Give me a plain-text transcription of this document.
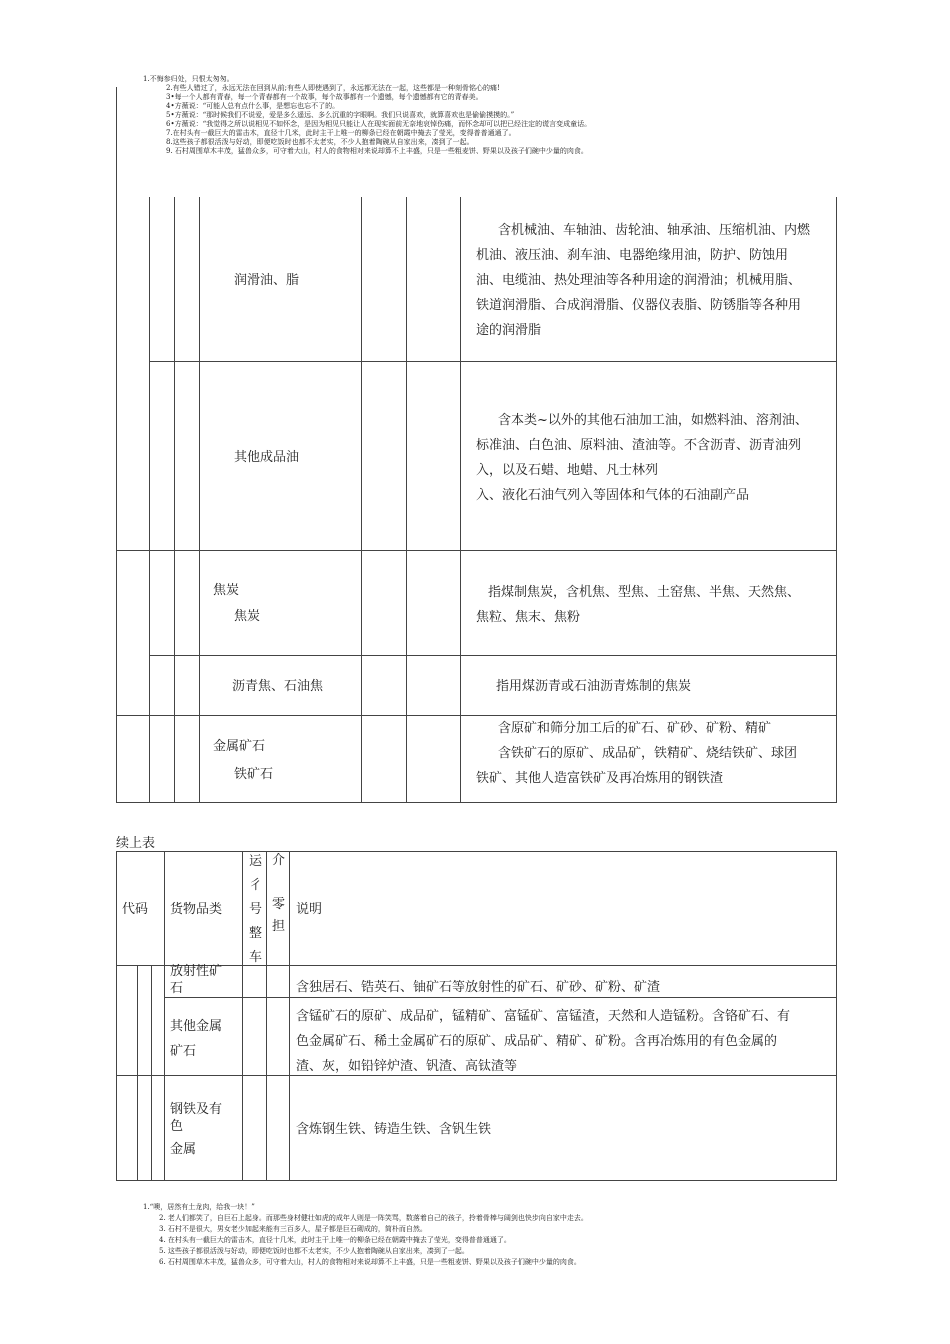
1.不悔参归处，只恨太匆匆。
2.有些人错过了，永远无法在回到从前;有些人即使遇到了，永远都无法在一起，这些都是一种刻骨铭心的痛!
3•每一个人都有青春，每一个青春都有一个故事，每个故事都有一个遗憾，每个遗憾都有它的青春美。
4•方薇说：“可能人总有点什么事，是想忘也忘不了的。
5•方薇说：“那时候我们不说爱，爱是多么遥远、多么沉重的字眼啊。我们只说喜欢，就算喜欢也是偷偷摸摸的。”
6•方薇说：“我觉得之所以说相见不如怀念，是因为相见只能让人在现实面前无奈地哀悼伤痛，而怀念却可以把已经注定的谎言变成童话。
7.在村头有一截巨大的雷击木，直径十几米，此时主干上唯一的柳条已经在朝霞中掩去了莹光，变得普普通通了。
8.这些孩子都很活泼与好动，即便吃饭时也都不太老实，不少人抱着陶碗从自家出来，凑到了一起。
9. 石村周围草木丰茂，猛兽众多，可守着大山，村人的食物相对来说却算不上丰盛，只是一些粗麦饼、野果以及孩子们碗中少量的肉食。
润滑油、脂
含机械油、车轴油、齿轮油、轴承油、压缩机油、内燃
机油、液压油、刹车油、电器绝缘用油，防护、防蚀用
油、电缆油、热处理油等各种用途的润滑油；机械用脂、
铁道润滑脂、合成润滑脂、仪器仪表脂、防锈脂等各种用
途的润滑脂
其他成品油
含本类~以外的其他石油加工油，如燃料油、溶剂油、
标准油、白色油、原料油、渣油等。不含沥青、沥青油列
入，以及石蜡、地蜡、凡士林列
入、液化石油气列入等固体和气体的石油副产品
焦炭
焦炭
指煤制焦炭，含机焦、型焦、土窑焦、半焦、天然焦、
焦粒、焦末、焦粉
沥青焦、石油焦	指用煤沥青或石油沥青炼制的焦炭
金属矿石
铁矿石
含原矿和筛分加工后的矿石、矿砂、矿粉、精矿
含铁矿石的原矿、成品矿，铁精矿、烧结铁矿、球团
铁矿、其他人造富铁矿及再冶炼用的钢铁渣
续上表
代码 货物品类
运
彳
号
整
车
介
零
担
说明
放射性矿
石	含独居石、锆英石、铀矿石等放射性的矿石、矿砂、矿粉、矿渣
其他金属
矿石
含锰矿石的原矿、成品矿，锰精矿、富锰矿、富锰渣，天然和人造锰粉。含铬矿石、有
色金属矿石、稀土金属矿石的原矿、成品矿、精矿、矿粉。含再冶炼用的有色金属的
渣、灰，如铅锌炉渣、钒渣、高钛渣等
钢铁及有
色
金属
含炼钢生铁、铸造生铁、含钒生铁
1.“噢，居然有土龙肉，给我一块！”
2. 老人们都笑了，自巨石上起身。而那些身材健壮如虎的成年人则是一阵笑骂，数落着自己的孩子，拎着骨棒与阔剑也快步向自家中走去。
3. 石村不是很大，男女老少加起来能有三百多人，屋子都是巨石砌成的，简朴而自然。
4. 在村头有一截巨大的雷击木，直径十几米，此时主干上唯一的柳条已经在朝霞中掩去了莹光，变得普普通通了。
5. 这些孩子都很活泼与好动，即便吃饭时也都不太老实，不少人抱着陶碗从自家出来，凑到了一起。
6. 石村周围草木丰茂，猛兽众多，可守着大山，村人的食物相对来说却算不上丰盛，只是一些粗麦饼、野果以及孩子们碗中少量的肉食。
